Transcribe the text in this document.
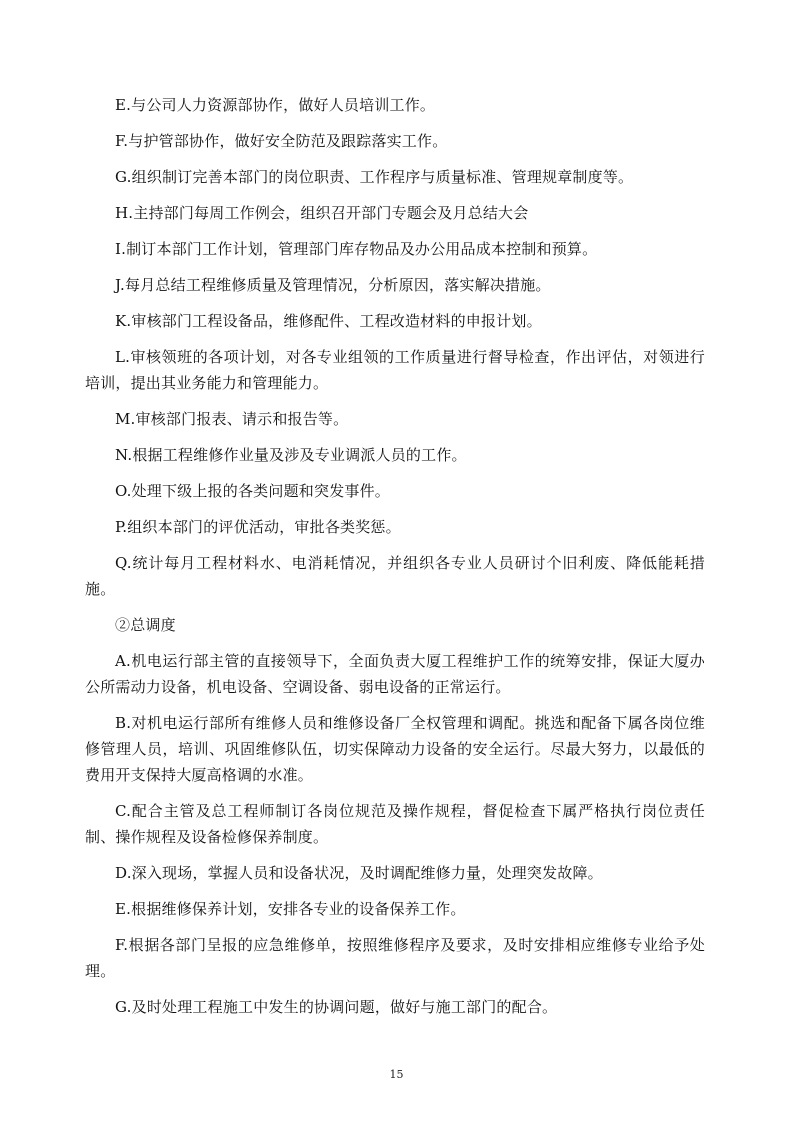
E.与公司人力资源部协作，做好人员培训工作。

F.与护管部协作，做好安全防范及跟踪落实工作。

G.组织制订完善本部门的岗位职责、工作程序与质量标准、管理规章制度等。

H.主持部门每周工作例会，组织召开部门专题会及月总结大会

I.制订本部门工作计划，管理部门库存物品及办公用品成本控制和预算。

J.每月总结工程维修质量及管理情况，分析原因，落实解决措施。

K.审核部门工程设备品，维修配件、工程改造材料的申报计划。

L.审核领班的各项计划，对各专业组领的工作质量进行督导检查，作出评估，对领进行培训，提出其业务能力和管理能力。

M.审核部门报表、请示和报告等。

N.根据工程维修作业量及涉及专业调派人员的工作。

O.处理下级上报的各类问题和突发事件。

P.组织本部门的评优活动，审批各类奖惩。

Q.统计每月工程材料水、电消耗情况，并组织各专业人员研讨个旧利废、降低能耗措施。

②总调度

A.机电运行部主管的直接领导下，全面负责大厦工程维护工作的统筹安排，保证大厦办公所需动力设备，机电设备、空调设备、弱电设备的正常运行。

B.对机电运行部所有维修人员和维修设备厂全权管理和调配。挑选和配备下属各岗位维修管理人员，培训、巩固维修队伍，切实保障动力设备的安全运行。尽最大努力，以最低的费用开支保持大厦高格调的水准。

C.配合主管及总工程师制订各岗位规范及操作规程，督促检查下属严格执行岗位责任制、操作规程及设备检修保养制度。

D.深入现场，掌握人员和设备状况，及时调配维修力量，处理突发故障。

E.根据维修保养计划，安排各专业的设备保养工作。

F.根据各部门呈报的应急维修单，按照维修程序及要求，及时安排相应维修专业给予处理。

G.及时处理工程施工中发生的协调问题，做好与施工部门的配合。

15
